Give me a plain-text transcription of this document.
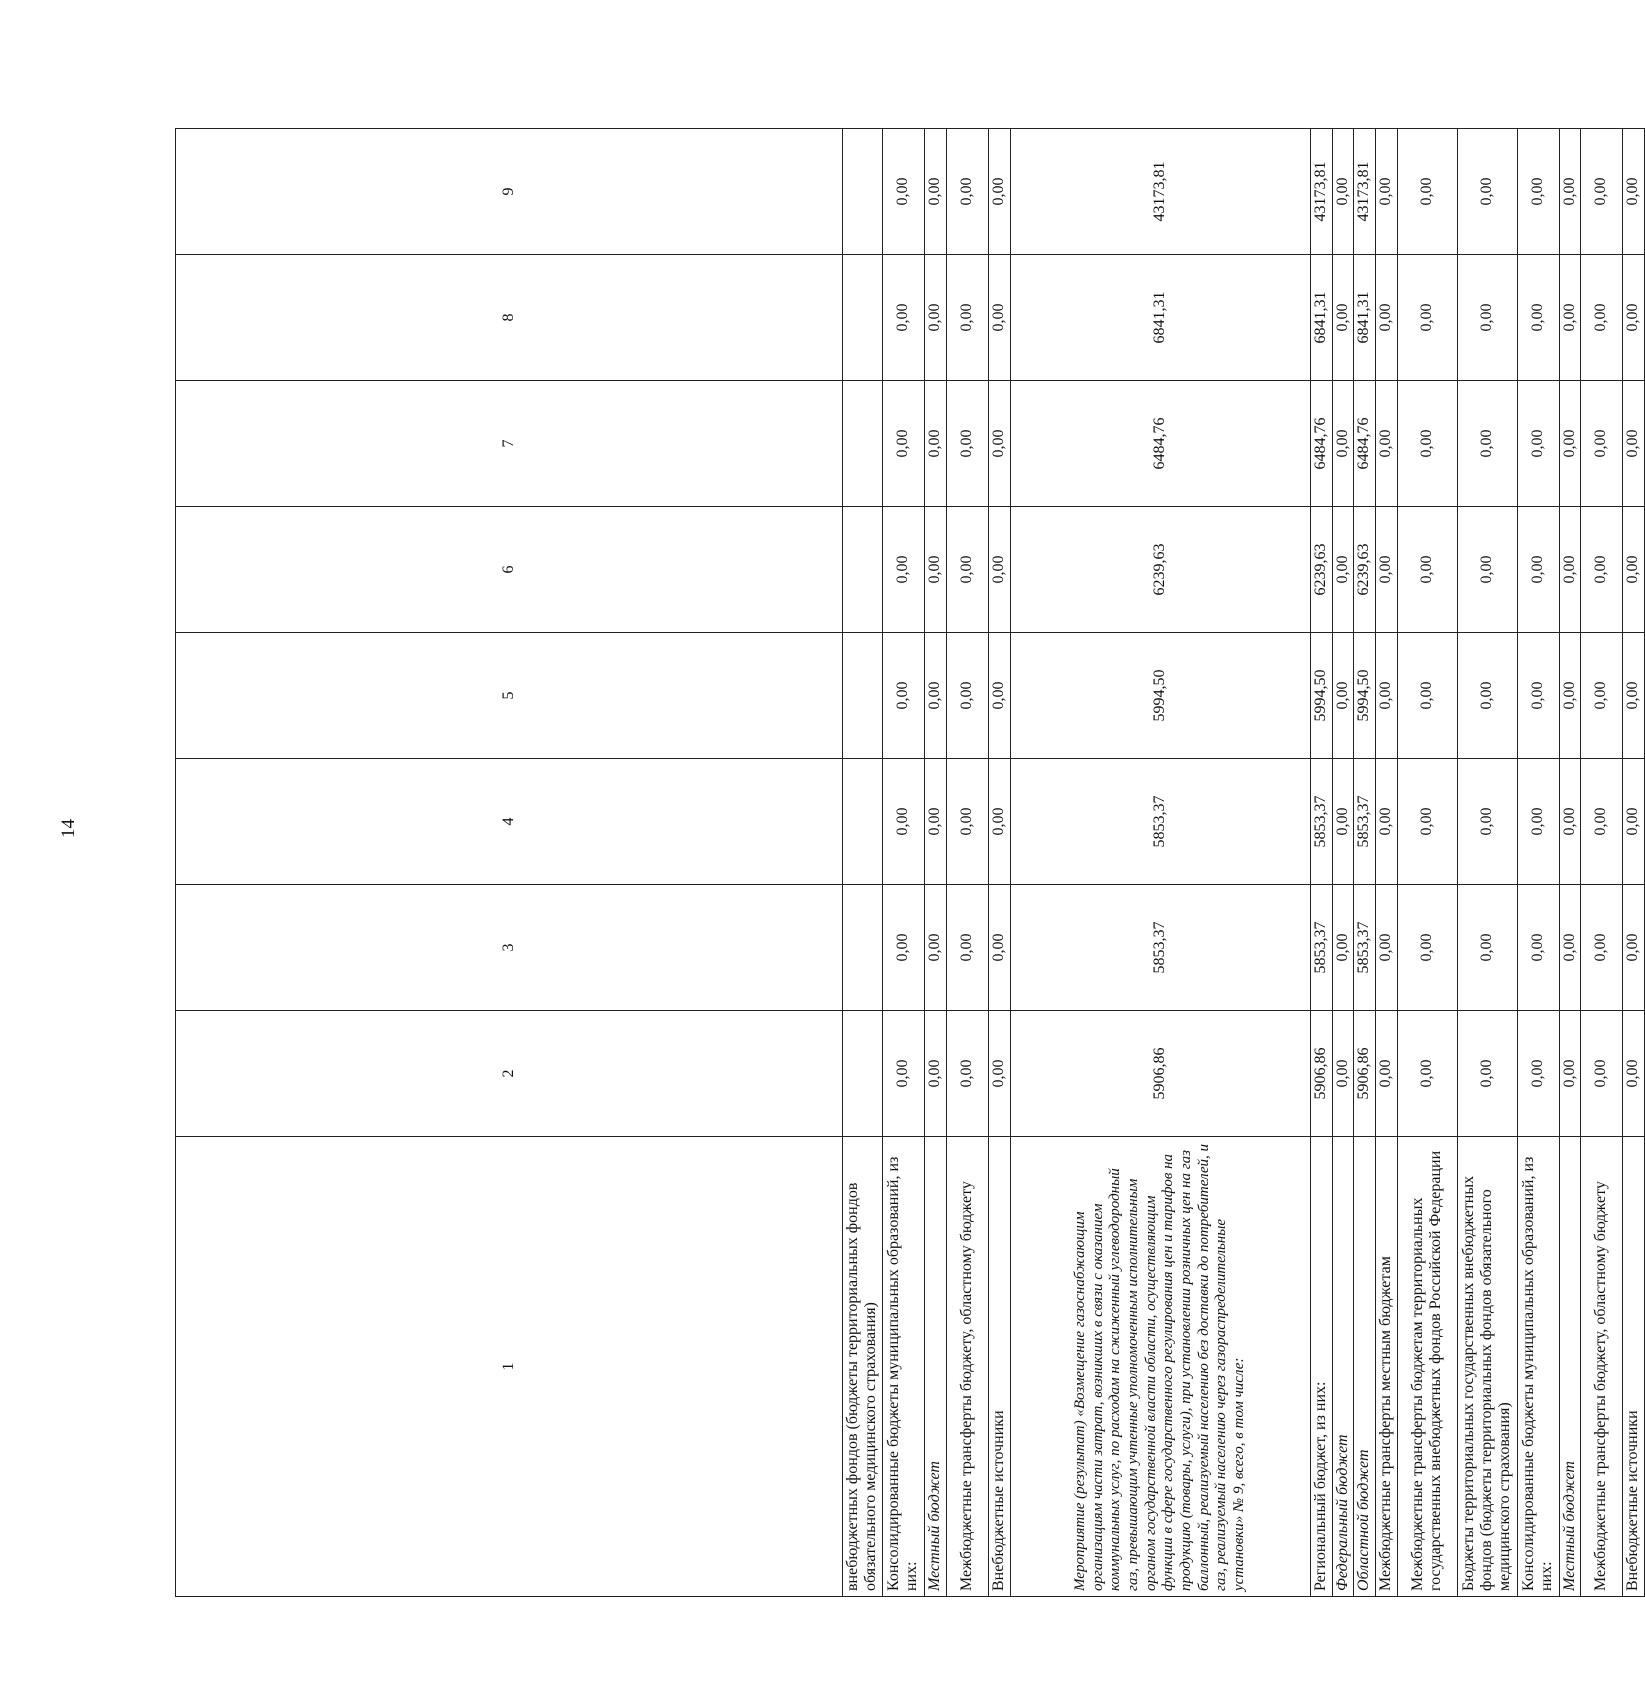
14
1	2	3	4	5	6	7	8	9
внебюджетных фондов (бюджеты территориальных фондов обязательного медицинского страхования)								
Консолидированные бюджеты муниципальных образований, из них:	0,00	0,00	0,00	0,00	0,00	0,00	0,00	0,00
Местный бюджет	0,00	0,00	0,00	0,00	0,00	0,00	0,00	0,00
Межбюджетные трансферты бюджету, областному бюджету	0,00	0,00	0,00	0,00	0,00	0,00	0,00	0,00
Внебюджетные источники	0,00	0,00	0,00	0,00	0,00	0,00	0,00	0,00
Мероприятие (результат) «Возмещение газоснабжающим организациям части затрат, возникших в связи с оказанием коммунальных услуг, по расходам на сжиженный углеводородный газ, превышающим учтенные уполномоченным исполнительным органом государственной власти области, осуществляющим функции в сфере государственного регулирования цен и тарифов на продукцию (товары, услуги), при установлении розничных цен на газ баллонный, реализуемый населению без доставки до потребителей, и газ, реализуемый населению через газораспределительные установки» № 9, всего, в том числе:	5906,86	5853,37	5853,37	5994,50	6239,63	6484,76	6841,31	43173,81
Региональный бюджет, из них:	5906,86	5853,37	5853,37	5994,50	6239,63	6484,76	6841,31	43173,81
Федеральный бюджет	0,00	0,00	0,00	0,00	0,00	0,00	0,00	0,00
Областной бюджет	5906,86	5853,37	5853,37	5994,50	6239,63	6484,76	6841,31	43173,81
Межбюджетные трансферты местным бюджетам	0,00	0,00	0,00	0,00	0,00	0,00	0,00	0,00
Межбюджетные трансферты бюджетам территориальных государственных внебюджетных фондов Российской Федерации	0,00	0,00	0,00	0,00	0,00	0,00	0,00	0,00
Бюджеты территориальных государственных внебюджетных фондов (бюджеты территориальных фондов обязательного медицинского страхования)	0,00	0,00	0,00	0,00	0,00	0,00	0,00	0,00
Консолидированные бюджеты муниципальных образований, из них:	0,00	0,00	0,00	0,00	0,00	0,00	0,00	0,00
Местный бюджет	0,00	0,00	0,00	0,00	0,00	0,00	0,00	0,00
Межбюджетные трансферты бюджету, областному бюджету	0,00	0,00	0,00	0,00	0,00	0,00	0,00	0,00
Внебюджетные источники	0,00	0,00	0,00	0,00	0,00	0,00	0,00	0,00
